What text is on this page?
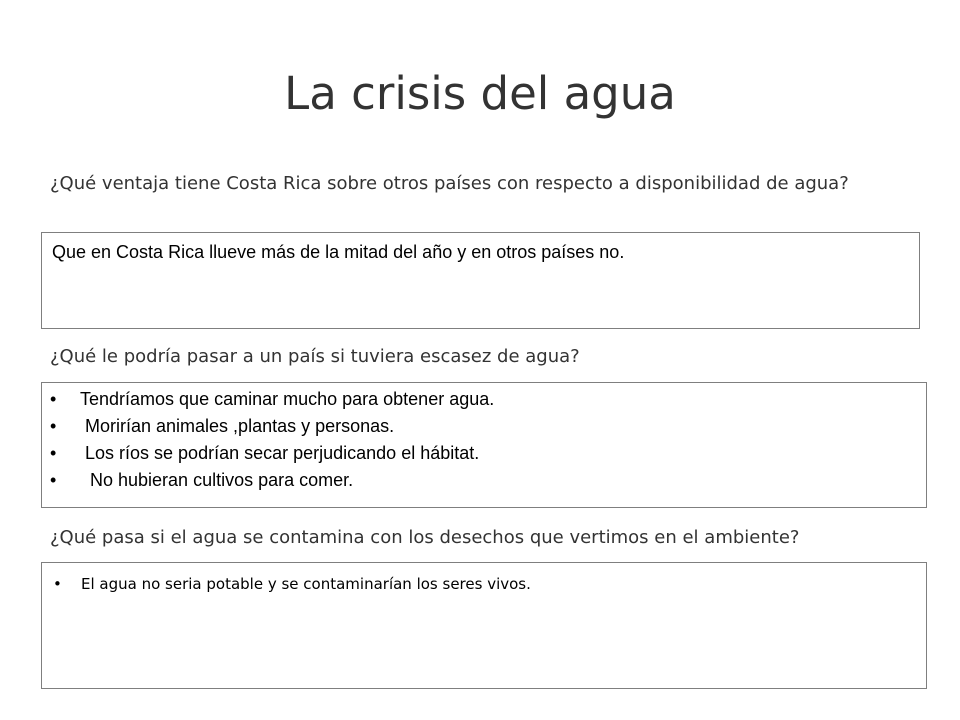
La crisis del agua

¿Qué ventaja tiene Costa Rica sobre otros países con respecto a disponibilidad de agua?

Que en Costa Rica llueve más de la mitad del año y en otros países no.

¿Qué le podría pasar a un país si tuviera escasez de agua?

•	Tendríamos que caminar mucho para obtener agua.
•	Morirían animales ,plantas y personas.
•	Los ríos se podrían secar perjudicando el hábitat.
•	No hubieran cultivos para comer.

¿Qué pasa si el agua se contamina con los desechos que vertimos en el ambiente?

•	El agua no seria potable y se contaminarían los seres vivos.
